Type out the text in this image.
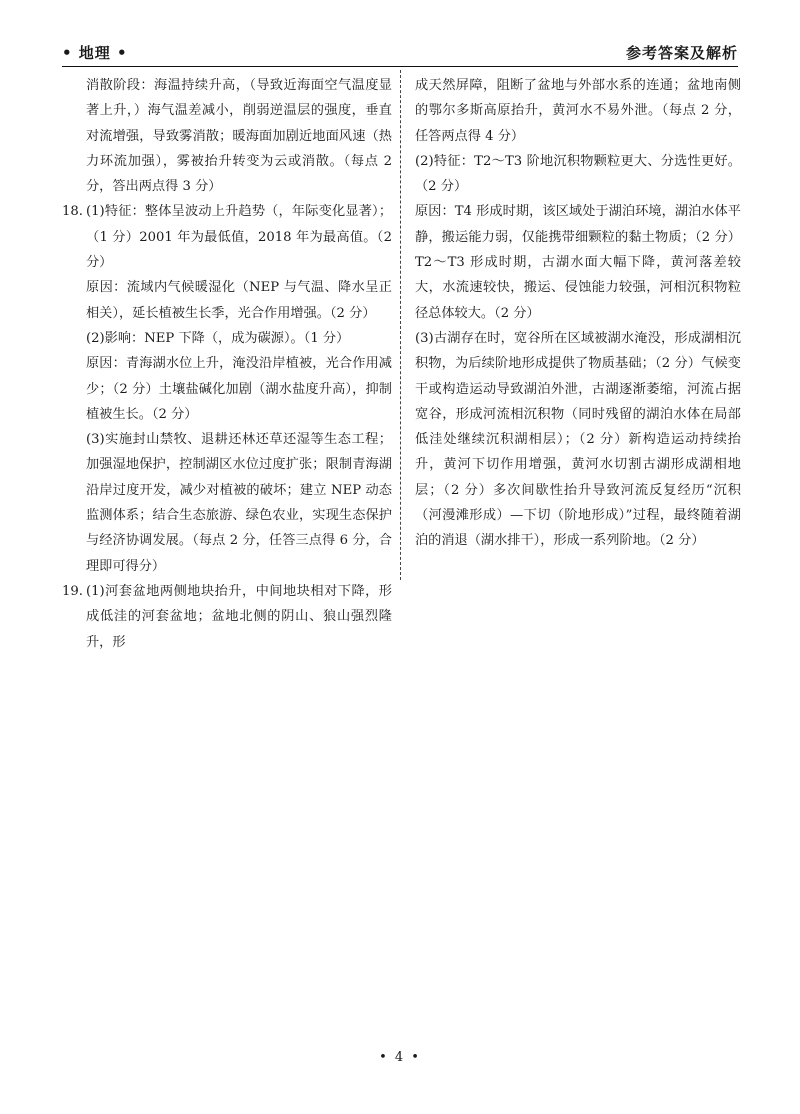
• 地理 •	参考答案及解析

消散阶段：海温持续升高，（导致近海面空气温度显著上升，）海气温差减小，削弱逆温层的强度，垂直对流增强，导致雾消散；暖海面加剧近地面风速（热力环流加强），雾被抬升转变为云或消散。（每点 2 分，答出两点得 3 分）

18. (1)特征：整体呈波动上升趋势（，年际变化显著）；（1 分）2001 年为最低值，2018 年为最高值。（2 分）

原因：流域内气候暖湿化（NEP 与气温、降水呈正相关），延长植被生长季，光合作用增强。（2 分）

(2)影响：NEP 下降（，成为碳源）。（1 分）

原因：青海湖水位上升，淹没沿岸植被，光合作用减少；（2 分）土壤盐碱化加剧（湖水盐度升高），抑制植被生长。（2 分）

(3)实施封山禁牧、退耕还林还草还湿等生态工程；加强湿地保护，控制湖区水位过度扩张；限制青海湖沿岸过度开发，减少对植被的破坏；建立 NEP 动态监测体系；结合生态旅游、绿色农业，实现生态保护与经济协调发展。（每点 2 分，任答三点得 6 分，合理即可得分）

19. (1)河套盆地两侧地块抬升，中间地块相对下降，形成低洼的河套盆地；盆地北侧的阴山、狼山强烈隆升，形

成天然屏障，阻断了盆地与外部水系的连通；盆地南侧的鄂尔多斯高原抬升，黄河水不易外泄。（每点 2 分，任答两点得 4 分）

(2)特征：T2～T3 阶地沉积物颗粒更大、分选性更好。（2 分）

原因：T4 形成时期，该区域处于湖泊环境，湖泊水体平静，搬运能力弱，仅能携带细颗粒的黏土物质；（2 分）T2～T3 形成时期，古湖水面大幅下降，黄河落差较大，水流速较快，搬运、侵蚀能力较强，河相沉积物粒径总体较大。（2 分）

(3)古湖存在时，宽谷所在区域被湖水淹没，形成湖相沉积物，为后续阶地形成提供了物质基础；（2 分）气候变干或构造运动导致湖泊外泄，古湖逐渐萎缩，河流占据宽谷，形成河流相沉积物（同时残留的湖泊水体在局部低洼处继续沉积湖相层）；（2 分）新构造运动持续抬升，黄河下切作用增强，黄河水切割古湖形成湖相地层；（2 分）多次间歇性抬升导致河流反复经历“沉积（河漫滩形成）—下切（阶地形成）”过程，最终随着湖泊的消退（湖水排干），形成一系列阶地。（2 分）

• 4 •
